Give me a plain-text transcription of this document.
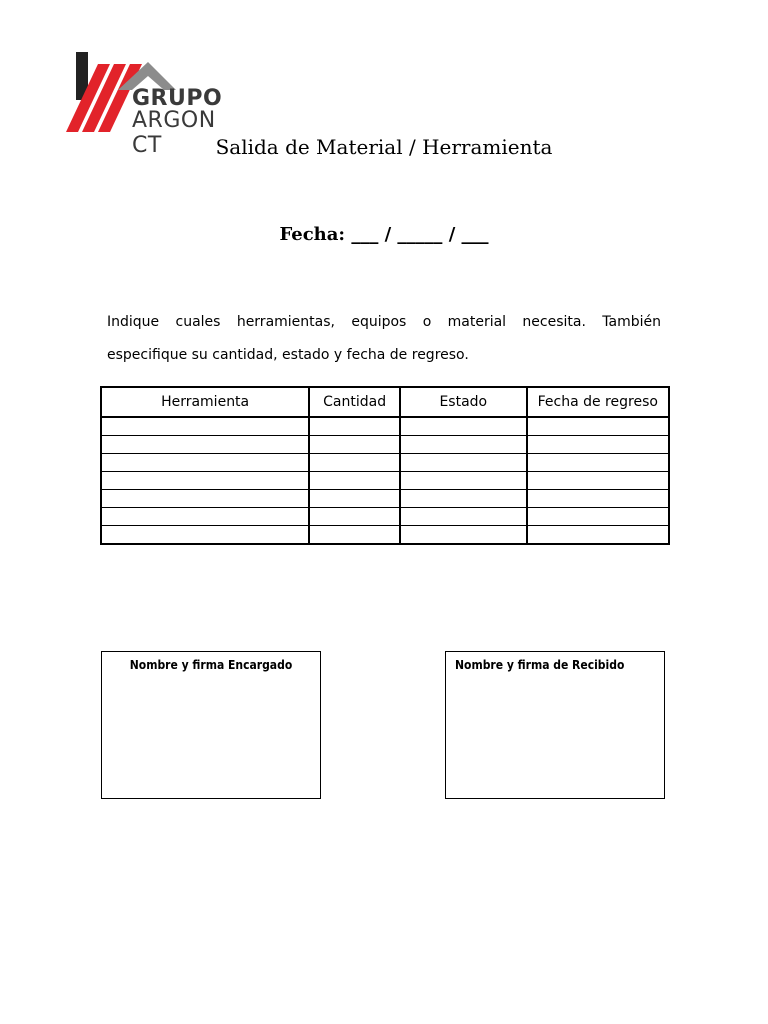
GRUPO
ARGON CT	Salida de Material / Herramienta
Fecha: ___ / _____ / ___
Indique cuales herramientas, equipos o material necesita. También especifique su cantidad, estado y fecha de regreso.
Herramienta	Cantidad	Estado	Fecha de regreso

Nombre y firma Encargado	Nombre y firma de Recibido
